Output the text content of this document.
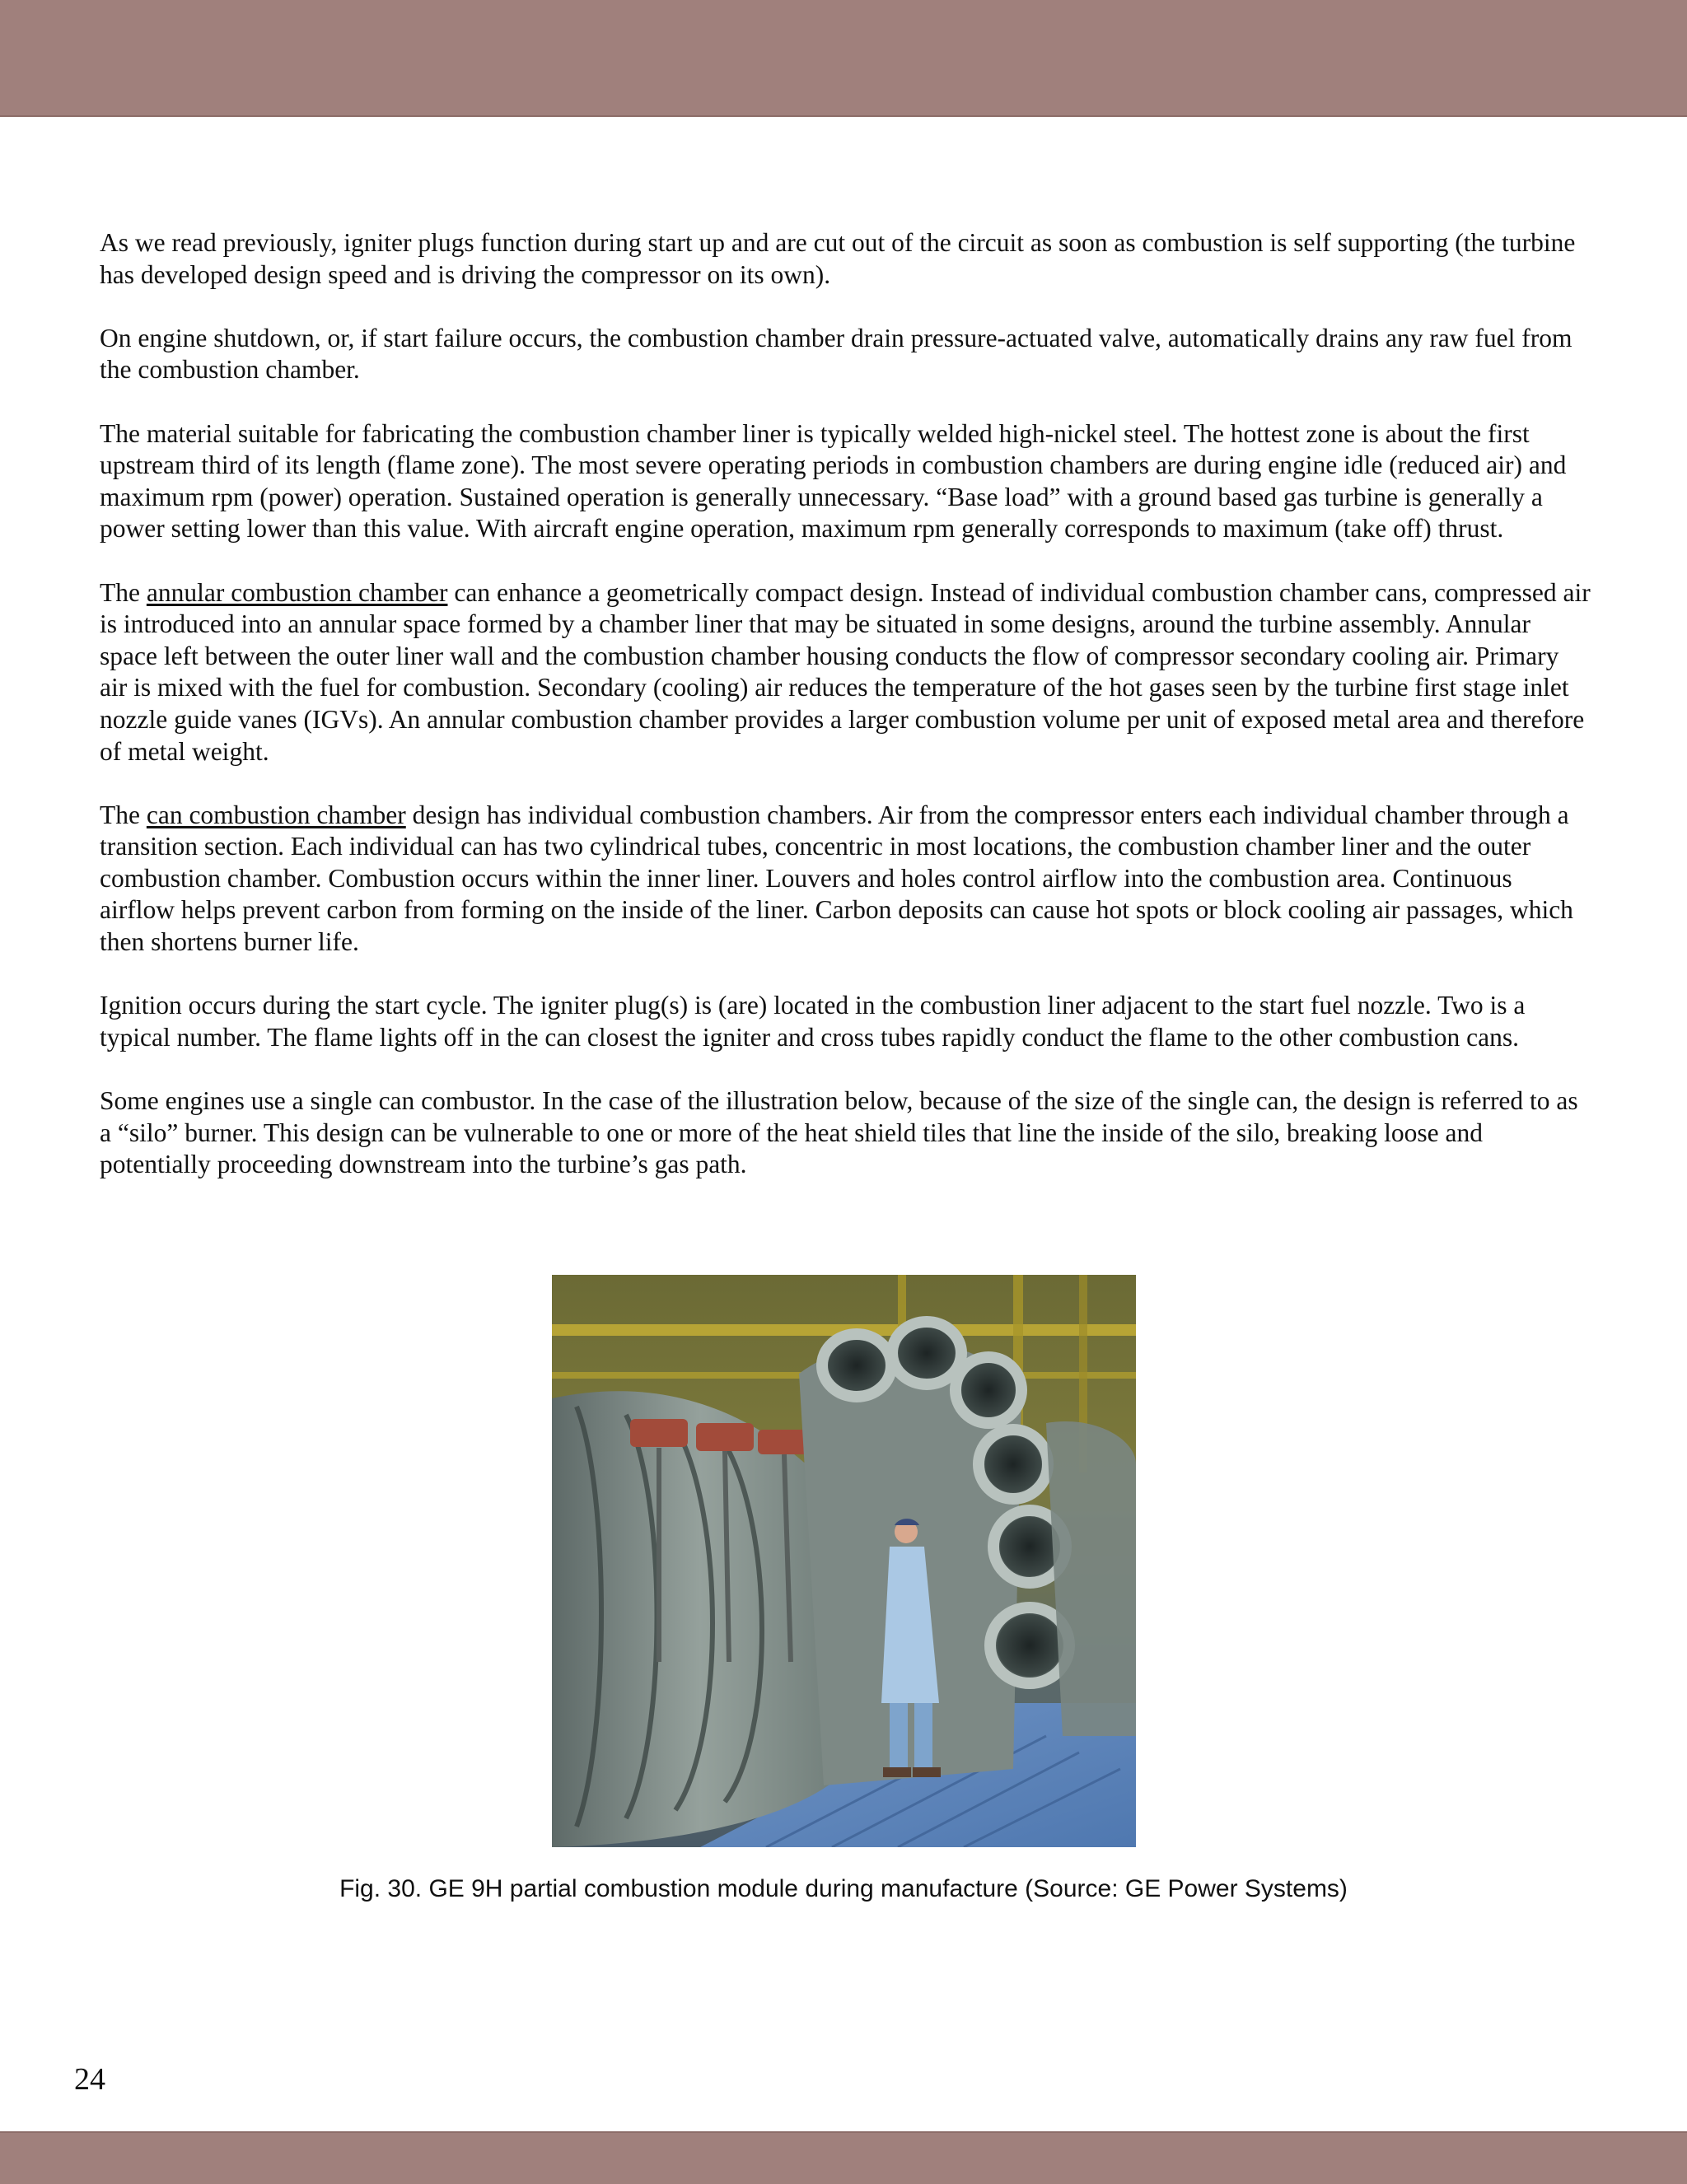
As we read previously, igniter plugs function during start up and are cut out of the circuit as soon as combustion is self supporting (the turbine has developed design speed and is driving the compressor on its own).

On engine shutdown, or, if start failure occurs, the combustion chamber drain pressure-actuated valve, automatically drains any raw fuel from the combustion chamber.

The material suitable for fabricating the combustion chamber liner is typically welded high-nickel steel. The hottest zone is about the first upstream third of its length (flame zone). The most severe operating periods in combustion chambers are during engine idle (reduced air) and maximum rpm (power) operation. Sustained operation is generally unnecessary. “Base load” with a ground based gas turbine is generally a power setting lower than this value. With aircraft engine operation, maximum rpm generally corresponds to maximum (take off) thrust.

The annular combustion chamber can enhance a geometrically compact design. Instead of individual combustion chamber cans, compressed air is introduced into an annular space formed by a chamber liner that may be situated in some designs, around the turbine assembly. Annular space left between the outer liner wall and the combustion chamber housing conducts the flow of compressor secondary cooling air. Primary air is mixed with the fuel for combustion. Secondary (cooling) air reduces the temperature of the hot gases seen by the turbine first stage inlet nozzle guide vanes (IGVs). An annular combustion chamber provides a larger combustion volume per unit of exposed metal area and therefore of metal weight.

The can combustion chamber design has individual combustion chambers. Air from the compressor enters each individual chamber through a transition section. Each individual can has two cylindrical tubes, concentric in most locations, the combustion chamber liner and the outer combustion chamber. Combustion occurs within the inner liner. Louvers and holes control airflow into the combustion area. Continuous airflow helps prevent carbon from forming on the inside of the liner. Carbon deposits can cause hot spots or block cooling air passages, which then shortens burner life.

Ignition occurs during the start cycle. The igniter plug(s) is (are) located in the combustion liner adjacent to the start fuel nozzle. Two is a typical number. The flame lights off in the can closest the igniter and cross tubes rapidly conduct the flame to the other combustion cans.

Some engines use a single can combustor. In the case of the illustration below, because of the size of the single can, the design is referred to as a “silo” burner. This design can be vulnerable to one or more of the heat shield tiles that line the inside of the silo, breaking loose and potentially proceeding downstream into the turbine’s gas path.

Fig. 30. GE 9H partial combustion module during manufacture (Source: GE Power Systems)
24
